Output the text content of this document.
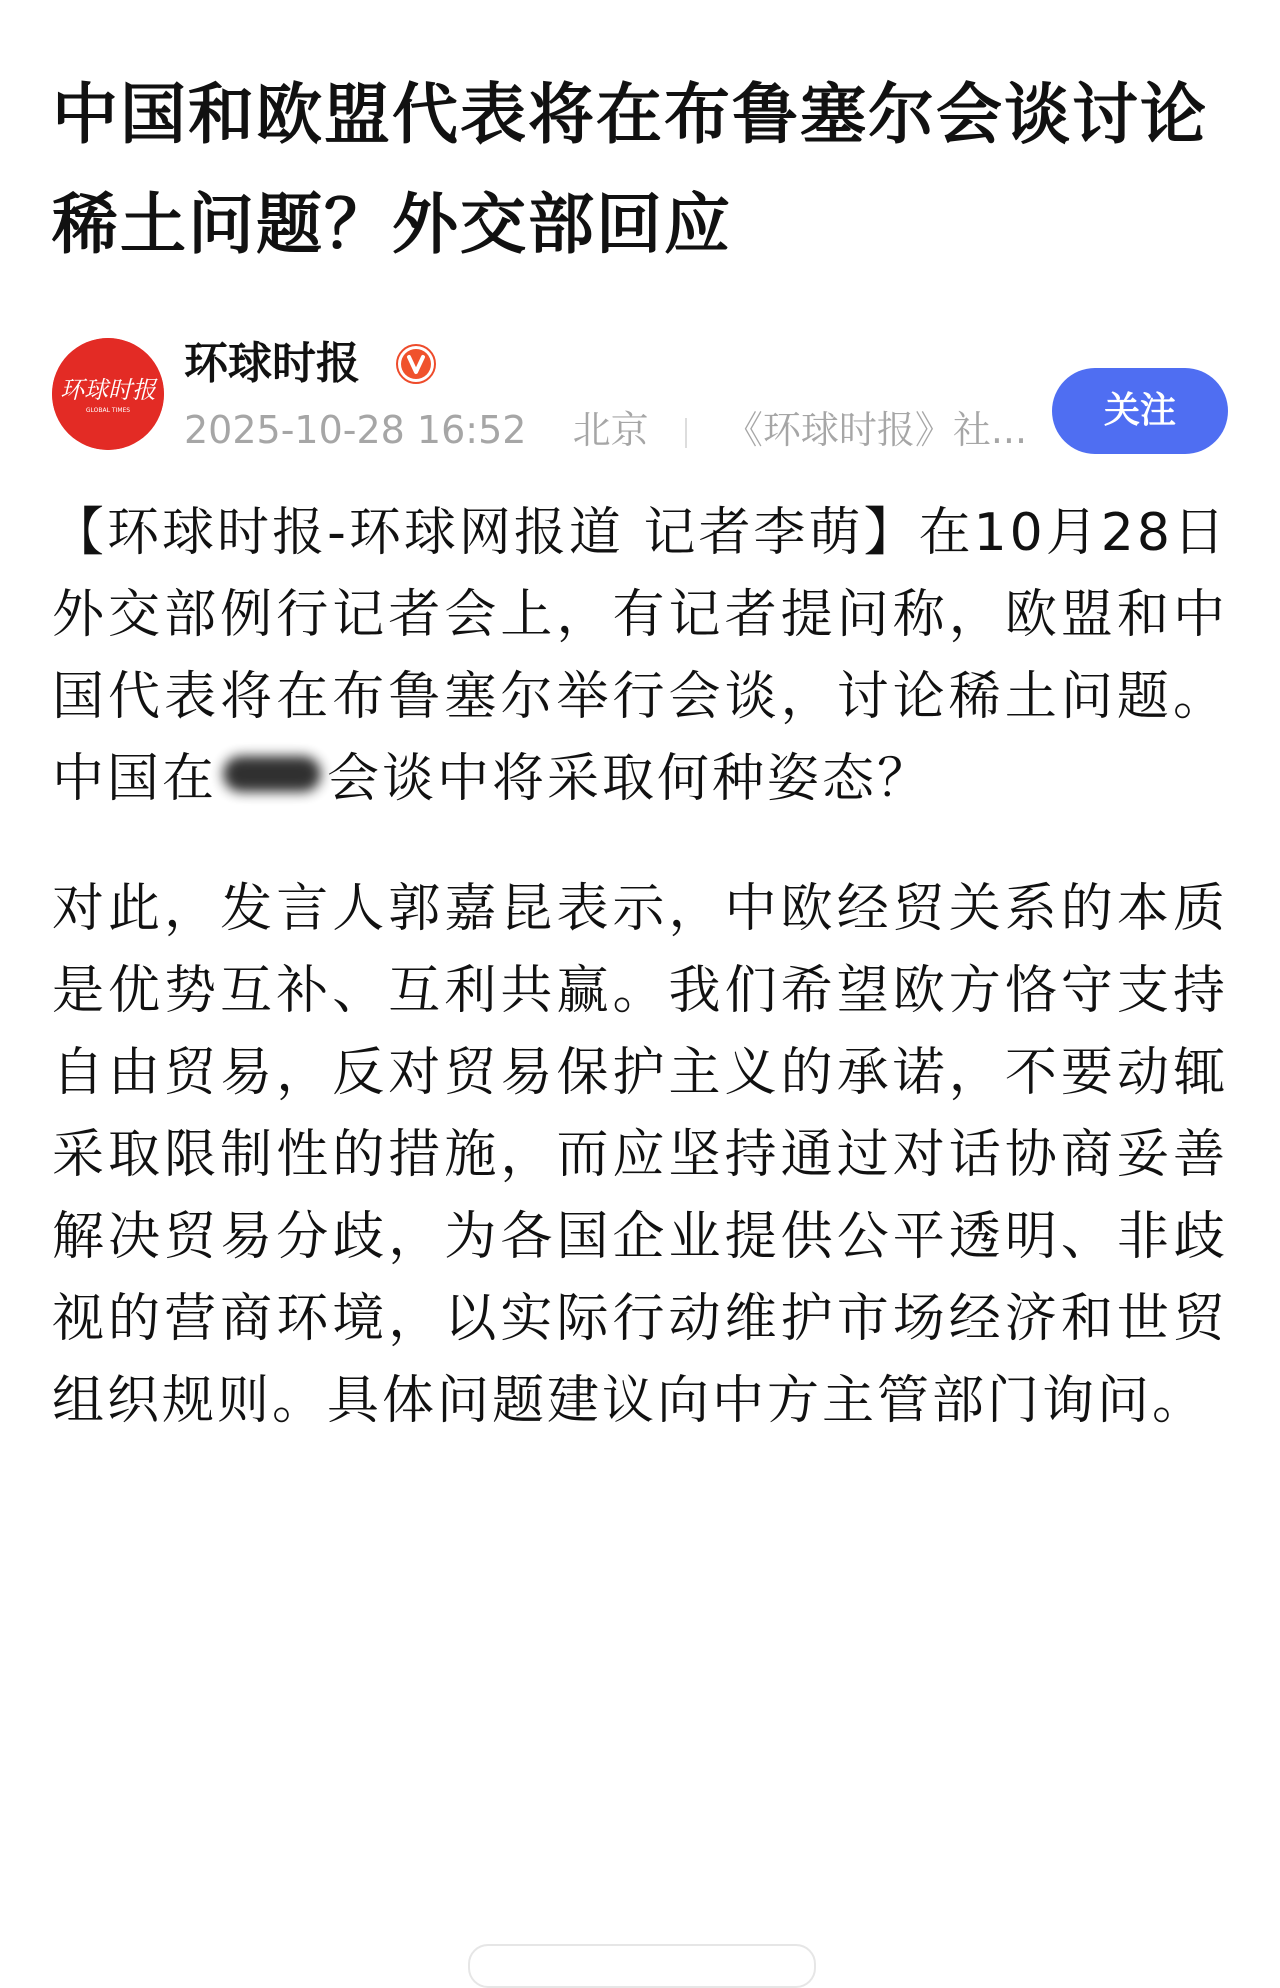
中国和欧盟代表将在布鲁塞尔会谈讨论稀土问题？外交部回应
环球时报
GLOBAL TIMES
环球时报
2025-10-28 16:52 北京 《环球时报》社...	关注

【环球时报-环球网报道 记者李萌】在10月28日外交部例行记者会上，有记者提问称，欧盟和中国代表将在布鲁塞尔举行会谈，讨论稀土问题。中国在 会谈中将采取何种姿态？

对此，发言人郭嘉昆表示，中欧经贸关系的本质是优势互补、互利共赢。我们希望欧方恪守支持自由贸易，反对贸易保护主义的承诺，不要动辄采取限制性的措施，而应坚持通过对话协商妥善解决贸易分歧，为各国企业提供公平透明、非歧视的营商环境，以实际行动维护市场经济和世贸组织规则。具体问题建议向中方主管部门询问。
